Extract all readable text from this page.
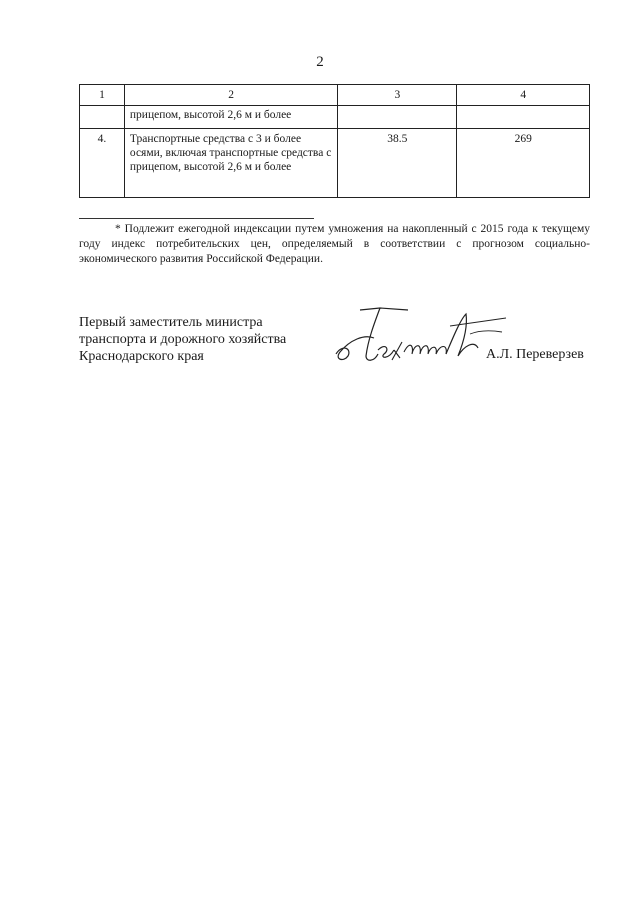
2
1	2	3	4
	прицепом, высотой 2,6 м и более		
4.	Транспортные средства с 3 и более осями, включая транспортные средства с прицепом, высотой 2,6 м и более	38.5	269
* Подлежит ежегодной индексации путем умножения на накопленный с 2015 года к текущему году индекс потребительских цен, определяемый в соответствии с прогнозом социально-экономического развития Российской Федерации.
Первый заместитель министра
транспорта и дорожного хозяйства
Краснодарского края	А.Л. Переверзев
